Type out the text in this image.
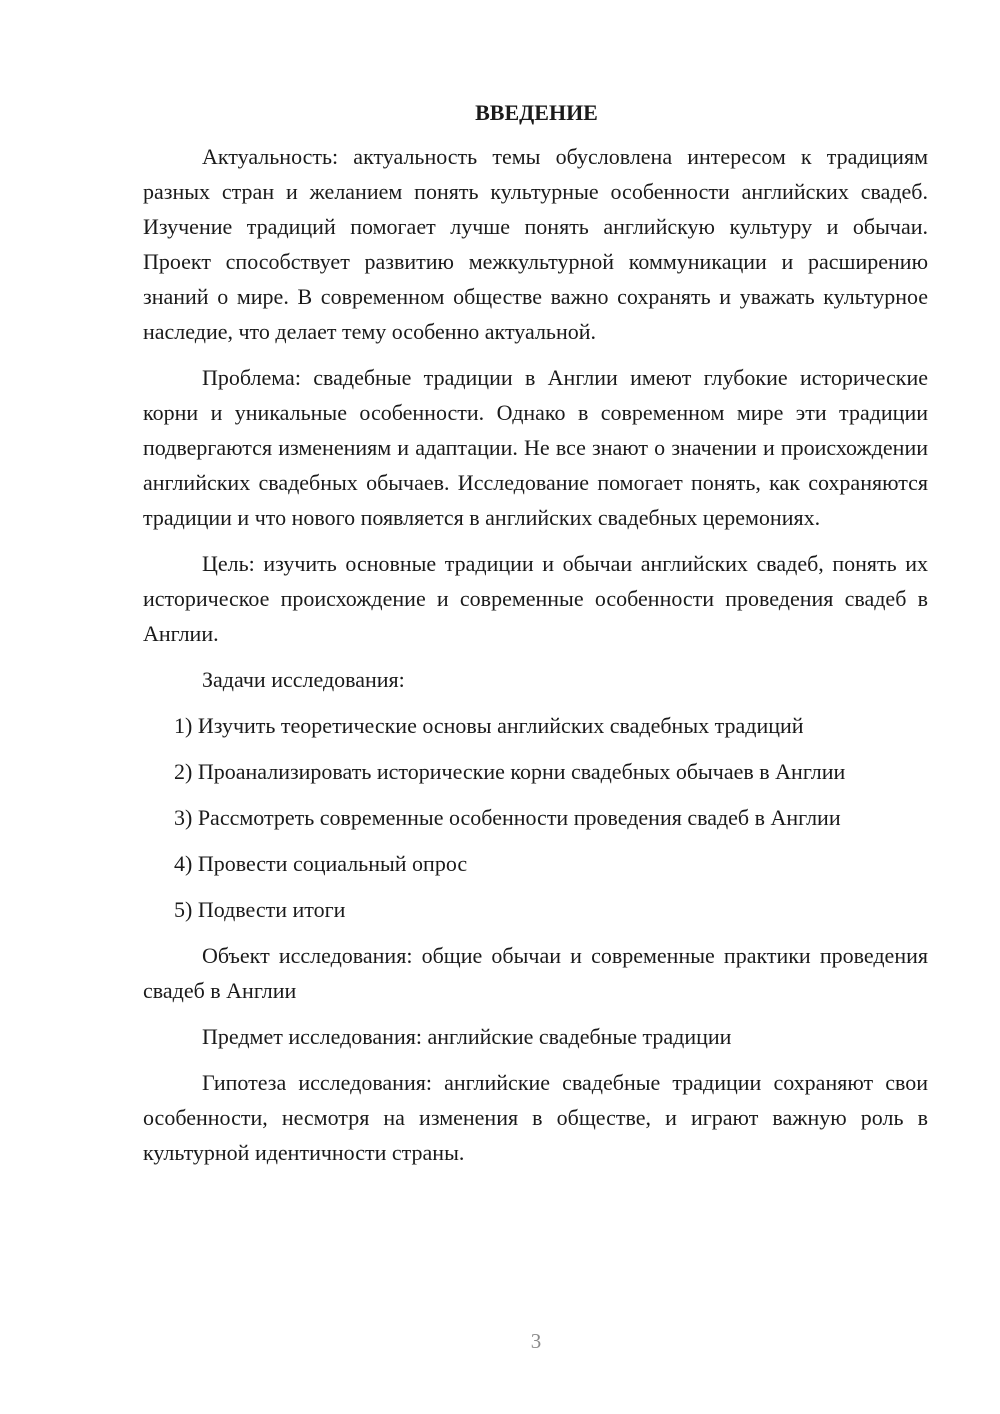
ВВЕДЕНИЕ

Актуальность: актуальность темы обусловлена интересом к традициям разных стран и желанием понять культурные особенности английских свадеб. Изучение традиций помогает лучше понять английскую культуру и обычаи. Проект способствует развитию межкультурной коммуникации и расширению знаний о мире. В современном обществе важно сохранять и уважать культурное наследие, что делает тему особенно актуальной.

Проблема: свадебные традиции в Англии имеют глубокие исторические корни и уникальные особенности. Однако в современном мире эти традиции подвергаются изменениям и адаптации. Не все знают о значении и происхождении английских свадебных обычаев. Исследование помогает понять, как сохраняются традиции и что нового появляется в английских свадебных церемониях.

Цель: изучить основные традиции и обычаи английских свадеб, понять их историческое происхождение и современные особенности проведения свадеб в Англии.

Задачи исследования:

1) Изучить теоретические основы английских свадебных традиций

2) Проанализировать исторические корни свадебных обычаев в Англии

3) Рассмотреть современные особенности проведения свадеб в Англии

4) Провести социальный опрос

5) Подвести итоги

Объект исследования: общие обычаи и современные практики проведения свадеб в Англии

Предмет исследования: английские свадебные традиции

Гипотеза исследования: английские свадебные традиции сохраняют свои особенности, несмотря на изменения в обществе, и играют важную роль в культурной идентичности страны.

3
